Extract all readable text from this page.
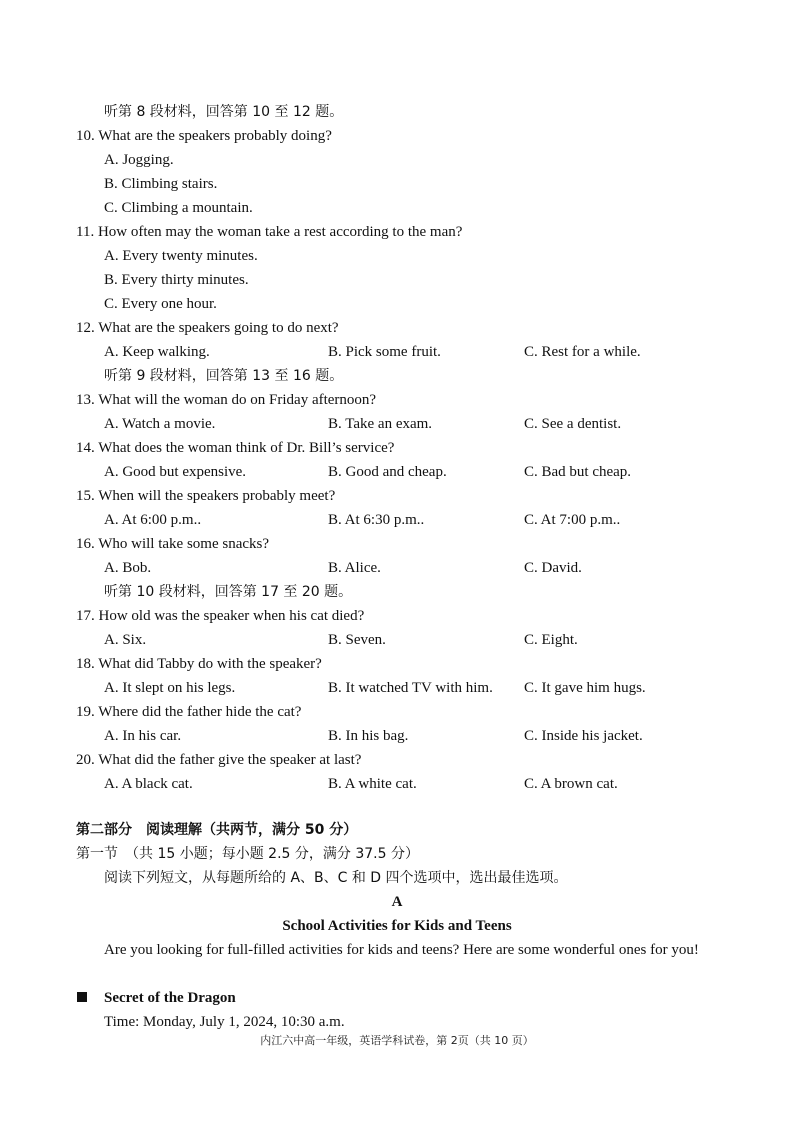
听第 8 段材料，回答第 10 至 12 题。
10. What are the speakers probably doing?
A. Jogging.
B. Climbing stairs.
C. Climbing a mountain.
11. How often may the woman take a rest according to the man?
A. Every twenty minutes.
B. Every thirty minutes.
C. Every one hour.
12. What are the speakers going to do next?
A. Keep walking.	B. Pick some fruit.	C. Rest for a while.
听第 9 段材料，回答第 13 至 16 题。
13. What will the woman do on Friday afternoon?
A. Watch a movie.	B. Take an exam.	C. See a dentist.
14. What does the woman think of Dr. Bill’s service?
A. Good but expensive.	B. Good and cheap.	C. Bad but cheap.
15. When will the speakers probably meet?
A. At 6:00 p.m..	B. At 6:30 p.m..	C. At 7:00 p.m..
16. Who will take some snacks?
A. Bob.	B. Alice.	C. David.
听第 10 段材料，回答第 17 至 20 题。
17. How old was the speaker when his cat died?
A. Six.	B. Seven.	C. Eight.
18. What did Tabby do with the speaker?
A. It slept on his legs.	B. It watched TV with him. C. It gave him hugs.
19. Where did the father hide the cat?
A. In his car.	B. In his bag.	C. Inside his jacket.
20. What did the father give the speaker at last?
A. A black cat.	B. A white cat.	C. A brown cat.
第二部分　阅读理解（共两节，满分 50 分）
第一节　（共 15 小题；每小题 2.5 分，满分 37.5 分）
阅读下列短文，从每题所给的 A、B、C 和 D 四个选项中，选出最佳选项。
A
School Activities for Kids and Teens
Are you looking for full-filled activities for kids and teens? Here are some wonderful ones for you!
Secret of the Dragon
Time: Monday, July 1, 2024, 10:30 a.m.
内江六中高一年级，英语学科试卷，第 2页（共 10 页）
